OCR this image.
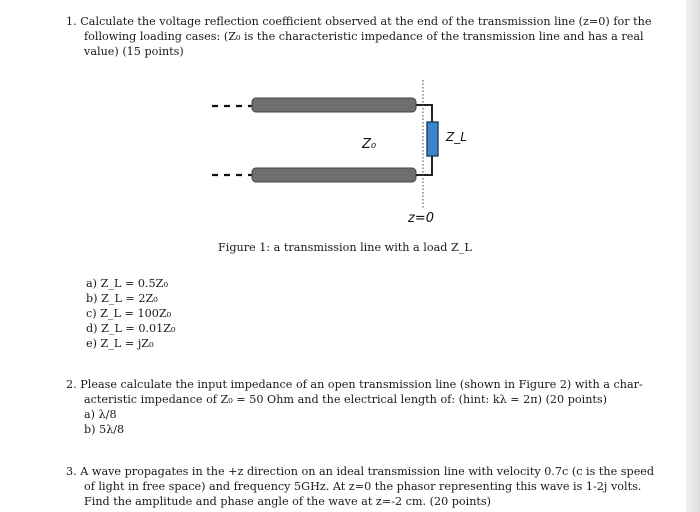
1. Calculate the voltage reflection coefficient observed at the end of the transmission line (z=0) for the
following loading cases: (Z₀ is the characteristic impedance of the transmission line and has a real
value) (15 points)
Z₀	Z_L
z=0
Figure 1: a transmission line with a load Z_L
a) Z_L = 0.5Z₀
b) Z_L = 2Z₀
c) Z_L = 100Z₀
d) Z_L = 0.01Z₀
e) Z_L = jZ₀
2. Please calculate the input impedance of an open transmission line (shown in Figure 2) with a char-
acteristic impedance of Z₀ = 50 Ohm and the electrical length of: (hint: kλ = 2π) (20 points)
a) λ/8
b) 5λ/8
3. A wave propagates in the +z direction on an ideal transmission line with velocity 0.7c (c is the speed
of light in free space) and frequency 5GHz. At z=0 the phasor representing this wave is 1-2j volts.
Find the amplitude and phase angle of the wave at z=-2 cm. (20 points)
